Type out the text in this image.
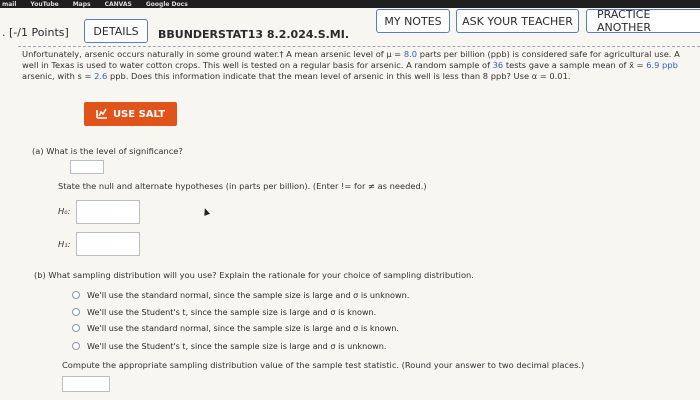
mail YouTube Maps CANVAS Google Docs
. [-/1 Points]	DETAILS	BBUNDERSTAT13 8.2.024.S.MI.
MY NOTES	ASK YOUR TEACHER	PRACTICE ANOTHER
Unfortunately, arsenic occurs naturally in some ground water.† A mean arsenic level of μ = 8.0 parts per billion (ppb) is considered safe for agricultural use. A
well in Texas is used to water cotton crops. This well is tested on a regular basis for arsenic. A random sample of 36 tests gave a sample mean of x̄ = 6.9 ppb
arsenic, with s = 2.6 ppb. Does this information indicate that the mean level of arsenic in this well is less than 8 ppb? Use α = 0.01.
USE SALT
(a) What is the level of significance?
State the null and alternate hypotheses (in parts per billion). (Enter != for ≠ as needed.)
H₀:
H₁:
(b) What sampling distribution will you use? Explain the rationale for your choice of sampling distribution.
We'll use the standard normal, since the sample size is large and σ is unknown.
We'll use the Student's t, since the sample size is large and σ is known.
We'll use the standard normal, since the sample size is large and σ is known.
We'll use the Student's t, since the sample size is large and σ is unknown.
Compute the appropriate sampling distribution value of the sample test statistic. (Round your answer to two decimal places.)
